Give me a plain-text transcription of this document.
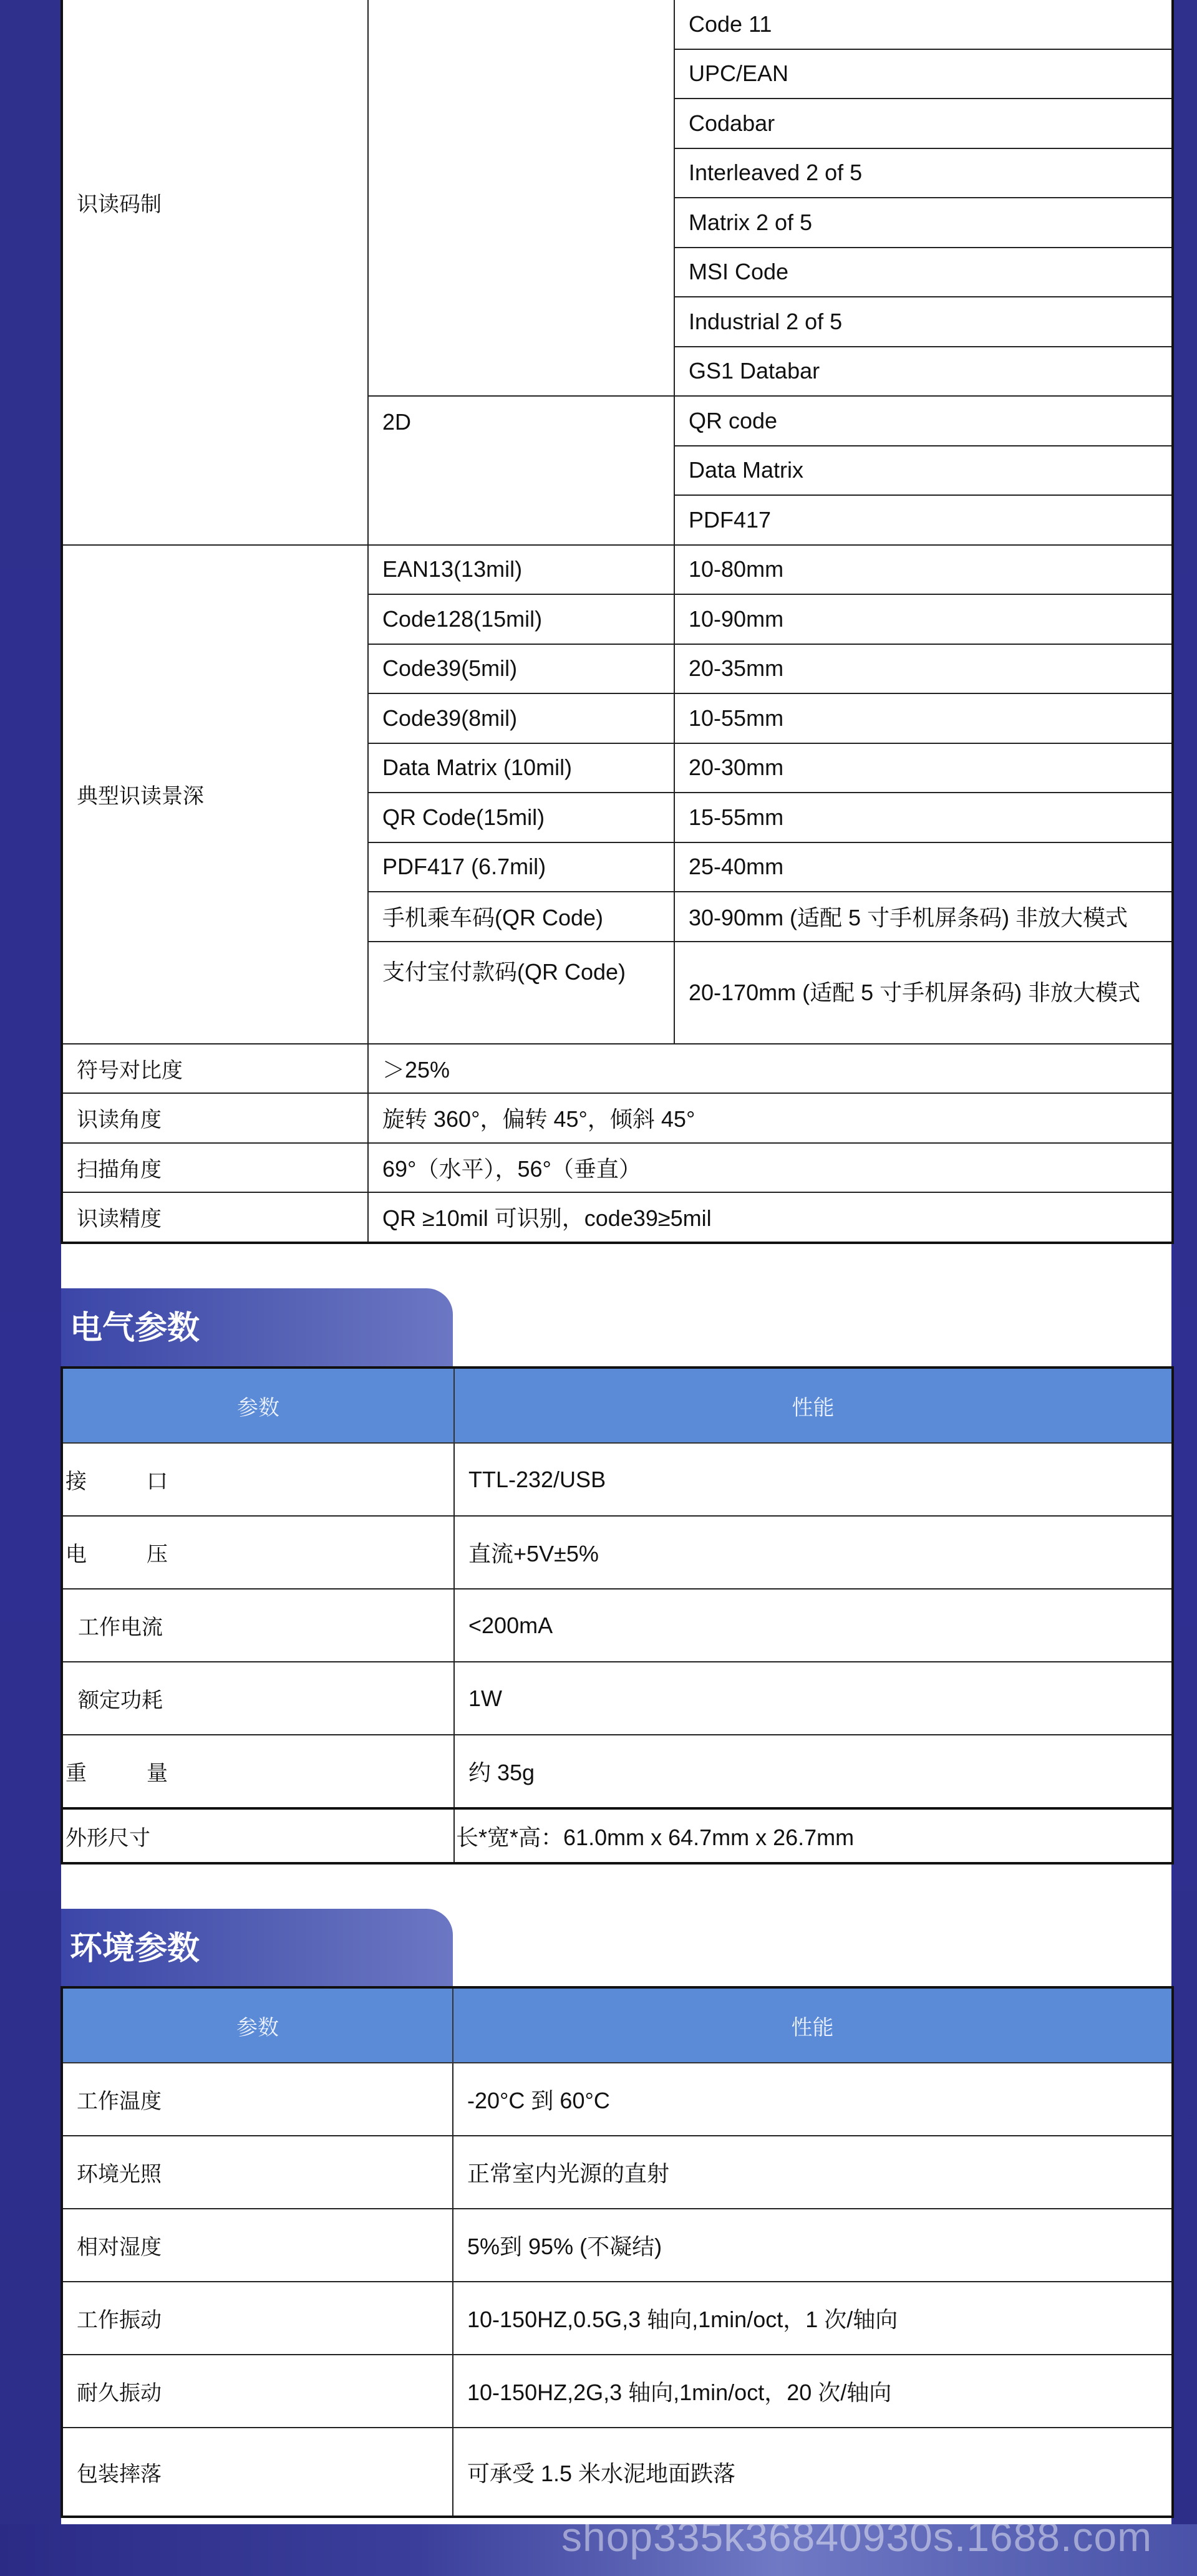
识读码制		Code 11
		UPC/EAN
		Codabar
		Interleaved 2 of 5
		Matrix 2 of 5
		MSI Code
		Industrial 2 of 5
		GS1 Databar
	2D	QR code
		Data Matrix
		PDF417
典型识读景深	EAN13(13mil)	10-80mm
	Code128(15mil)	10-90mm
	Code39(5mil)	20-35mm
	Code39(8mil)	10-55mm
	Data Matrix (10mil)	20-30mm
	QR Code(15mil)	15-55mm
	PDF417 (6.7mil)	25-40mm
	手机乘车码(QR Code)	30-90mm (适配 5 寸手机屏条码) 非放大模式
	支付宝付款码(QR Code)	20-170mm (适配 5 寸手机屏条码) 非放大模式
符号对比度	＞25%	
识读角度	旋转 360°，偏转 45°，倾斜 45°	
扫描角度	69°（水平），56°（垂直）	
识读精度	QR ≥10mil 可识别，code39≥5mil	
电气参数
参数	性能
接 口	TTL-232/USB
电 压	直流+5V±5%
工作电流	<200mA
额定功耗	1W
重 量	约 35g
外形尺寸	长*宽*高：61.0mm x 64.7mm x 26.7mm
环境参数
参数	性能
工作温度	-20°C 到 60°C
环境光照	正常室内光源的直射
相对湿度	5%到 95% (不凝结)
工作振动	10-150HZ,0.5G,3 轴向,1min/oct，1 次/轴向
耐久振动	10-150HZ,2G,3 轴向,1min/oct，20 次/轴向
包装摔落	可承受 1.5 米水泥地面跌落
shop335k36840930s.1688.com
